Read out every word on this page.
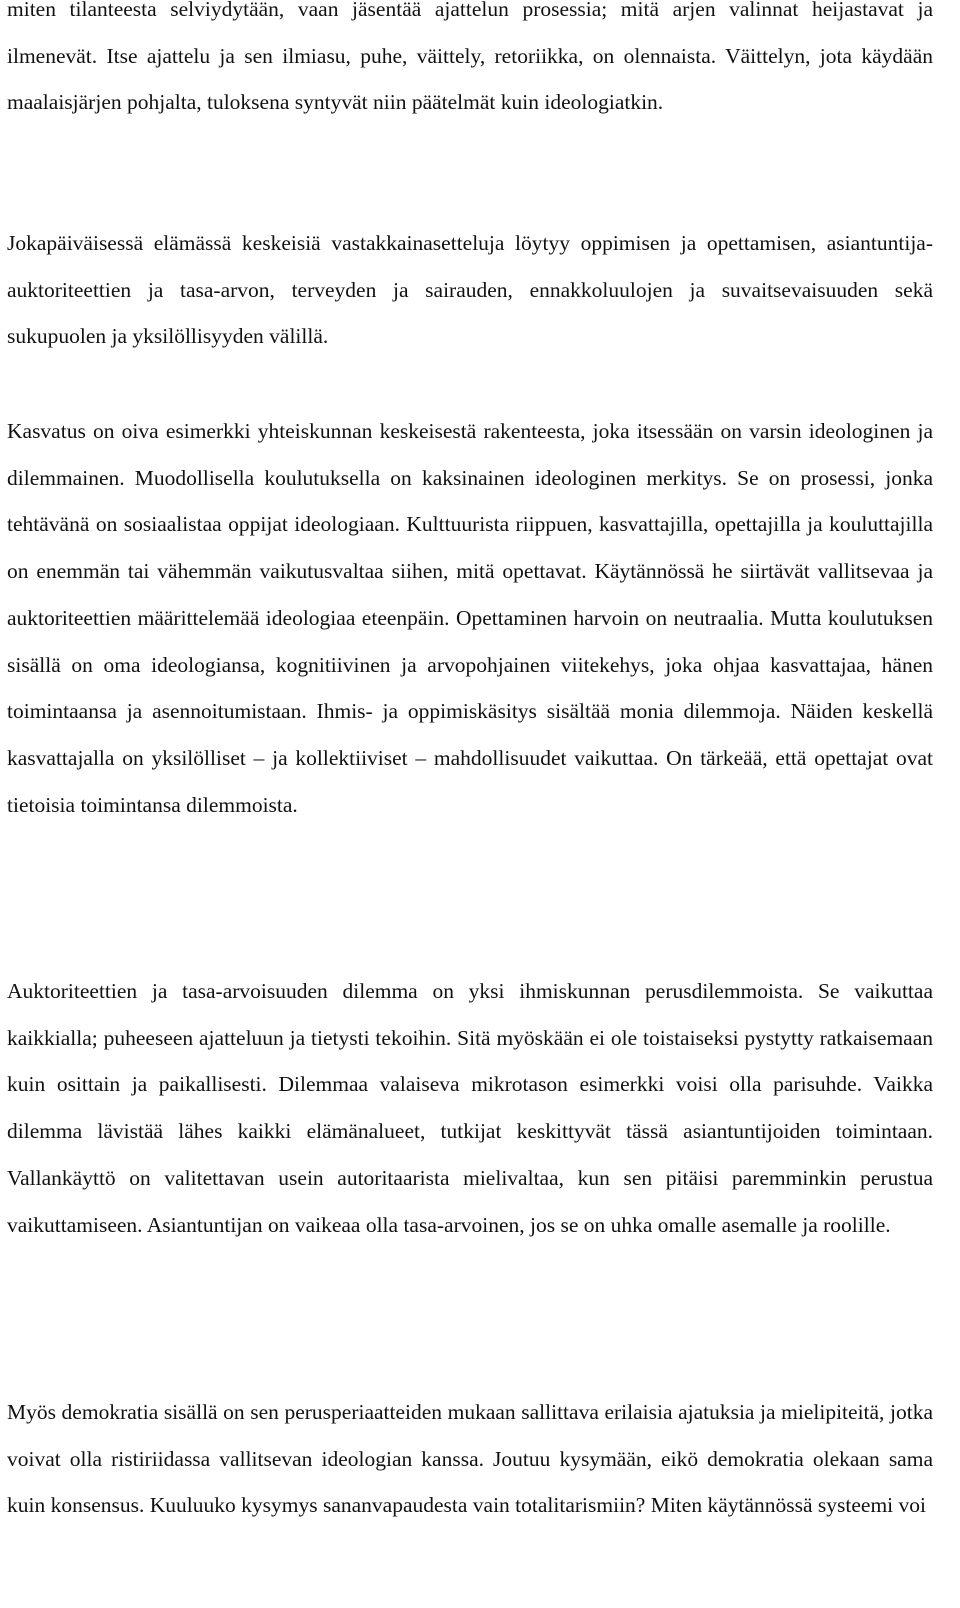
miten tilanteesta selviydytään, vaan jäsentää ajattelun prosessia; mitä arjen valinnat heijastavat ja ilmenevät. Itse ajattelu ja sen ilmiasu, puhe, väittely, retoriikka, on olennaista. Väittelyn, jota käydään maalaisjärjen pohjalta, tuloksena syntyvät niin päätelmät kuin ideologiatkin.

Jokapäiväisessä elämässä keskeisiä vastakkainasetteluja löytyy oppimisen ja opettamisen, asiantuntija-auktoriteettien ja tasa-arvon, terveyden ja sairauden, ennakkoluulojen ja suvaitsevaisuuden sekä sukupuolen ja yksilöllisyyden välillä.

Kasvatus on oiva esimerkki yhteiskunnan keskeisestä rakenteesta, joka itsessään on varsin ideologinen ja dilemmainen. Muodollisella koulutuksella on kaksinainen ideologinen merkitys. Se on prosessi, jonka tehtävänä on sosiaalistaa oppijat ideologiaan. Kulttuurista riippuen, kasvattajilla, opettajilla ja kouluttajilla on enemmän tai vähemmän vaikutusvaltaa siihen, mitä opettavat. Käytännössä he siirtävät vallitsevaa ja auktoriteettien määrittelemää ideologiaa eteenpäin. Opettaminen harvoin on neutraalia. Mutta koulutuksen sisällä on oma ideologiansa, kognitiivinen ja arvopohjainen viitekehys, joka ohjaa kasvattajaa, hänen toimintaansa ja asennoitumistaan. Ihmis- ja oppimiskäsitys sisältää monia dilemmoja. Näiden keskellä kasvattajalla on yksilölliset – ja kollektiiviset – mahdollisuudet vaikuttaa. On tärkeää, että opettajat ovat tietoisia toimintansa dilemmoista.

Auktoriteettien ja tasa-arvoisuuden dilemma on yksi ihmiskunnan perusdilemmoista. Se vaikuttaa kaikkialla; puheeseen ajatteluun ja tietysti tekoihin. Sitä myöskään ei ole toistaiseksi pystytty ratkaisemaan kuin osittain ja paikallisesti. Dilemmaa valaiseva mikrotason esimerkki voisi olla parisuhde. Vaikka dilemma lävistää lähes kaikki elämänalueet, tutkijat keskittyvät tässä asiantuntijoiden toimintaan. Vallankäyttö on valitettavan usein autoritaarista mielivaltaa, kun sen pitäisi paremminkin perustua vaikuttamiseen. Asiantuntijan on vaikeaa olla tasa-arvoinen, jos se on uhka omalle asemalle ja roolille.

Myös demokratia sisällä on sen perusperiaatteiden mukaan sallittava erilaisia ajatuksia ja mielipiteitä, jotka voivat olla ristiriidassa vallitsevan ideologian kanssa. Joutuu kysymään, eikö demokratia olekaan sama kuin konsensus. Kuuluuko kysymys sananvapaudesta vain totalitarismiin? Miten käytännössä systeemi voi
